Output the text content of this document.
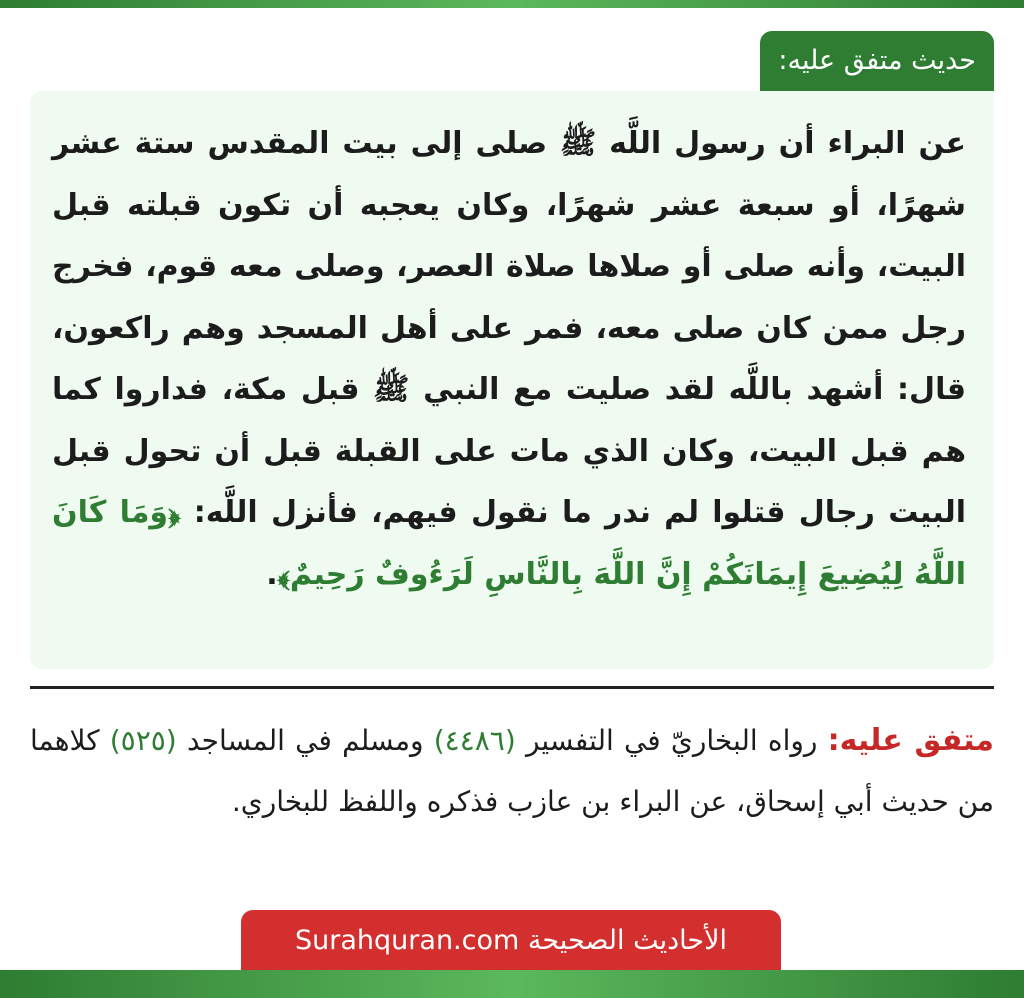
حديث متفق عليه:
عن البراء أن رسول اللَّه ﷺ صلى إلى بيت المقدس ستة عشر شهرًا، أو سبعة عشر شهرًا، وكان يعجبه أن تكون قبلته قبل البيت، وأنه صلى أو صلاها صلاة العصر، وصلى معه قوم، فخرج رجل ممن كان صلى معه، فمر على أهل المسجد وهم راكعون، قال: أشهد باللَّه لقد صليت مع النبي ﷺ قبل مكة، فداروا كما هم قبل البيت، وكان الذي مات على القبلة قبل أن تحول قبل البيت رجال قتلوا لم ندر ما نقول فيهم، فأنزل اللَّه: ﴿وَمَا كَانَ اللَّهُ لِيُضِيعَ إِيمَانَكُمْ إِنَّ اللَّهَ بِالنَّاسِ لَرَءُوفٌ رَحِيمٌ﴾.
متفق عليه: رواه البخاريّ في التفسير (٤٤٨٦) ومسلم في المساجد (٥٢٥) كلاهما من حديث أبي إسحاق، عن البراء بن عازب فذكره واللفظ للبخاري.
الأحاديث الصحيحة Surahquran.com
